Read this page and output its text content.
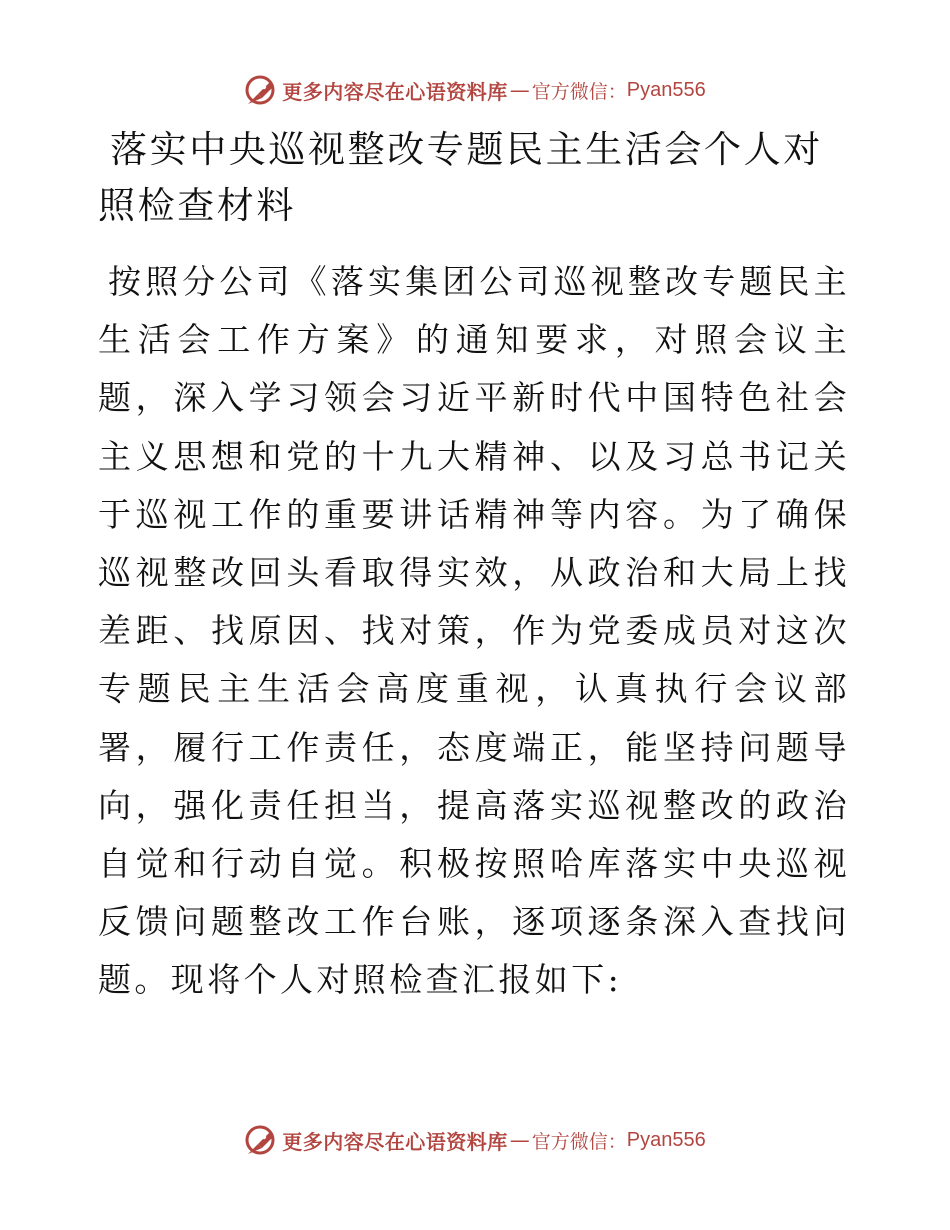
更多内容尽在心语资料库 — 官方微信： Pyan556
落实中央巡视整改专题民主生活会个人对照检查材料

按照分公司《落实集团公司巡视整改专题民主生活会工作方案》的通知要求，对照会议主题，深入学习领会习近平新时代中国特色社会主义思想和党的十九大精神、以及习总书记关于巡视工作的重要讲话精神等内容。为了确保巡视整改回头看取得实效，从政治和大局上找差距、找原因、找对策，作为党委成员对这次专题民主生活会高度重视，认真执行会议部署，履行工作责任，态度端正，能坚持问题导向，强化责任担当，提高落实巡视整改的政治自觉和行动自觉。积极按照哈库落实中央巡视反馈问题整改工作台账，逐项逐条深入查找问题。现将个人对照检查汇报如下:

更多内容尽在心语资料库 — 官方微信： Pyan556
